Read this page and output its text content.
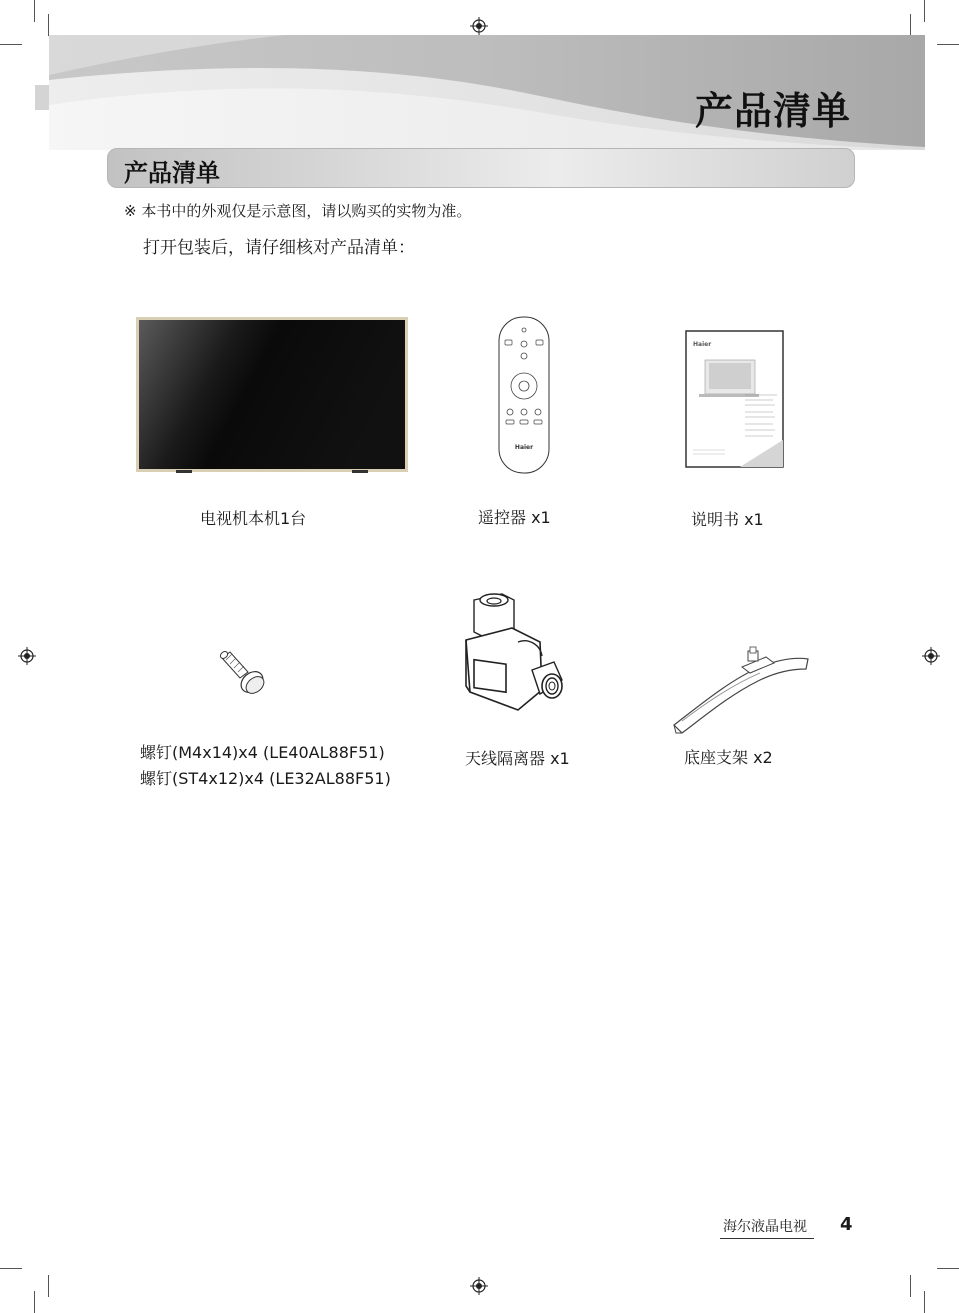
产品清单
产品清单
※ 本书中的外观仅是示意图，请以购买的实物为准。
打开包装后，请仔细核对产品清单：
电视机本机1台
Haier
遥控器 x1
Haier
说明书 x1
螺钉(M4x14)x4 (LE40AL88F51)
螺钉(ST4x12)x4 (LE32AL88F51)
天线隔离器 x1	底座支架 x2
海尔液晶电视 4
